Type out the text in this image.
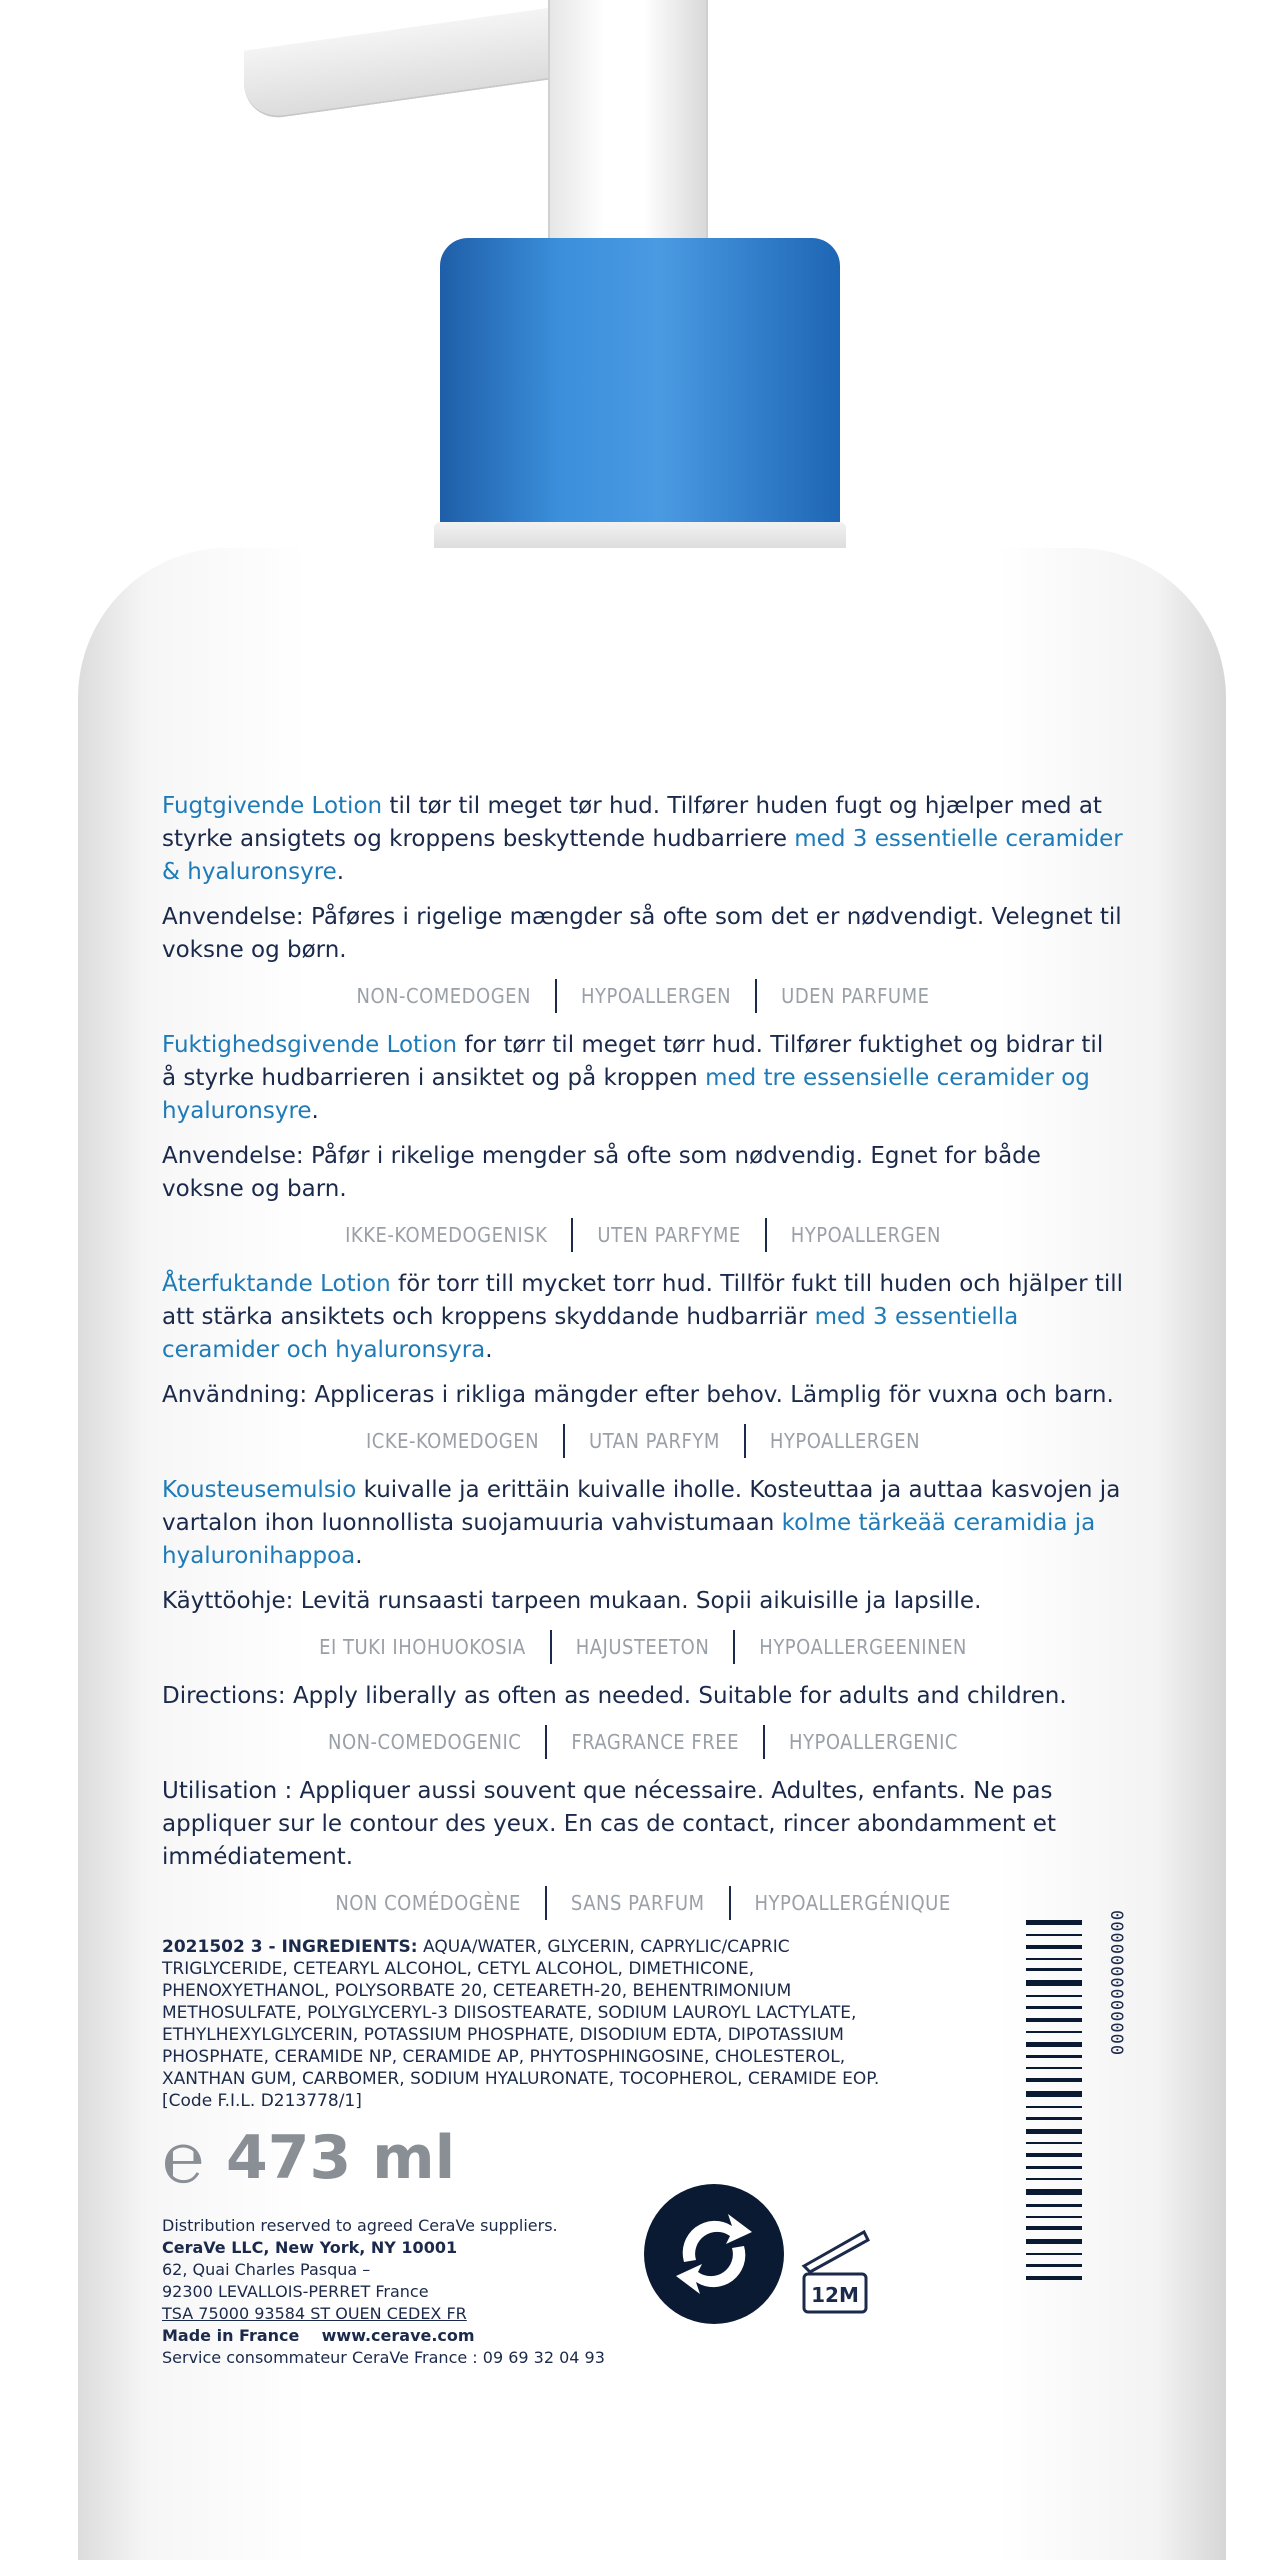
Fugtgivende Lotion til tør til meget tør hud. Tilfører huden fugt og hjælper med at styrke ansigtets og kroppens beskyttende hudbarriere med 3 essentielle ceramider & hyaluronsyre.

Anvendelse: Påføres i rigelige mængder så ofte som det er nødvendigt. Velegnet til voksne og børn.

NON-COMEDOGEN	HYPOALLERGEN	UDEN PARFUME

Fuktighedsgivende Lotion for tørr til meget tørr hud. Tilfører fuktighet og bidrar til å styrke hudbarrieren i ansiktet og på kroppen med tre essensielle ceramider og hyaluronsyre.

Anvendelse: Påfør i rikelige mengder så ofte som nødvendig. Egnet for både voksne og barn.

IKKE-KOMEDOGENISK	UTEN PARFYME	HYPOALLERGEN

Återfuktande Lotion för torr till mycket torr hud. Tillför fukt till huden och hjälper till att stärka ansiktets och kroppens skyddande hudbarriär med 3 essentiella ceramider och hyaluronsyra.

Användning: Appliceras i rikliga mängder efter behov. Lämplig för vuxna och barn.

ICKE-KOMEDOGEN	UTAN PARFYM	HYPOALLERGEN

Kousteusemulsio kuivalle ja erittäin kuivalle iholle. Kosteuttaa ja auttaa kasvojen ja vartalon ihon luonnollista suojamuuria vahvistumaan kolme tärkeää ceramidia ja hyaluronihappoa.

Käyttöohje: Levitä runsaasti tarpeen mukaan. Sopii aikuisille ja lapsille.

EI TUKI IHOHUOKOSIA	HAJUSTEETON	HYPOALLERGEENINEN

Directions: Apply liberally as often as needed. Suitable for adults and children.

NON-COMEDOGENIC	FRAGRANCE FREE	HYPOALLERGENIC

Utilisation : Appliquer aussi souvent que nécessaire. Adultes, enfants. Ne pas appliquer sur le contour des yeux. En cas de contact, rincer abondamment et immédiatement.

NON COMÉDOGÈNE	SANS PARFUM	HYPOALLERGÉNIQUE
2021502 3 - INGREDIENTS: AQUA/WATER, GLYCERIN, CAPRYLIC/CAPRIC TRIGLYCERIDE, CETEARYL ALCOHOL, CETYL ALCOHOL, DIMETHICONE, PHENOXYETHANOL, POLYSORBATE 20, CETEARETH-20, BEHENTRIMONIUM METHOSULFATE, POLYGLYCERYL-3 DIISOSTEARATE, SODIUM LAUROYL LACTYLATE, ETHYLHEXYLGLYCERIN, POTASSIUM PHOSPHATE, DISODIUM EDTA, DIPOTASSIUM PHOSPHATE, CERAMIDE NP, CERAMIDE AP, PHYTOSPHINGOSINE, CHOLESTEROL, XANTHAN GUM, CARBOMER, SODIUM HYALURONATE, TOCOPHEROL, CERAMIDE EOP.
[Code F.I.L. D213778/1]
℮ 473 ml
Distribution reserved to agreed CeraVe suppliers.
CeraVe LLC, New York, NY 10001
62, Quai Charles Pasqua –
92300 LEVALLOIS-PERRET France
TSA 75000 93584 ST OUEN CEDEX FR
Made in France www.cerave.com
Service consommateur CeraVe France : 09 69 32 04 93
0000000000000
12M
